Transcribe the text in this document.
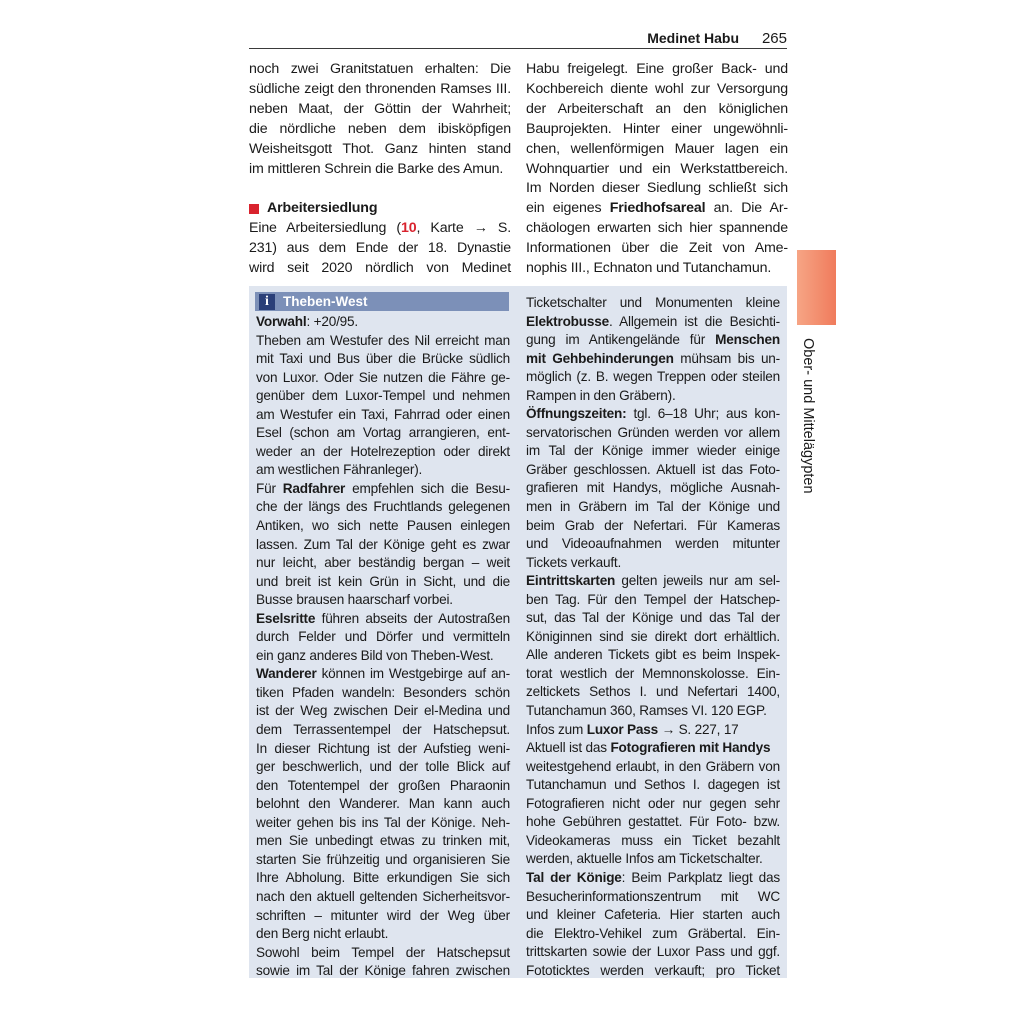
Medinet Habu 265
Ober- und Mittelägypten

noch zwei Granitstatuen erhalten: Die
südliche zeigt den thronenden Ramses III.
neben Maat, der Göttin der Wahrheit;
die nördliche neben dem ibisköpfigen
Weisheitsgott Thot. Ganz hinten stand
im mittleren Schrein die Barke des Amun.

Arbeitersiedlung

Eine Arbeitersiedlung (10, Karte → S.
231) aus dem Ende der 18. Dynastie
wird seit 2020 nördlich von Medinet

Habu freigelegt. Eine großer Back- und
Kochbereich diente wohl zur Versorgung
der Arbeiterschaft an den königlichen
Bauprojekten. Hinter einer ungewöhnli-
chen, wellenförmigen Mauer lagen ein
Wohnquartier und ein Werkstattbereich.
Im Norden dieser Siedlung schließt sich
ein eigenes Friedhofsareal an. Die Ar-
chäologen erwarten sich hier spannende
Informationen über die Zeit von Ame-
nophis III., Echnaton und Tutanchamun.

i	Theben-West
Vorwahl: +20/95.
Theben am Westufer des Nil erreicht man
mit Taxi und Bus über die Brücke südlich
von Luxor. Oder Sie nutzen die Fähre ge-
genüber dem Luxor-Tempel und nehmen
am Westufer ein Taxi, Fahrrad oder einen
Esel (schon am Vortag arrangieren, ent-
weder an der Hotelrezeption oder direkt
am westlichen Fähranleger).
Für Radfahrer empfehlen sich die Besu-
che der längs des Fruchtlands gelegenen
Antiken, wo sich nette Pausen einlegen
lassen. Zum Tal der Könige geht es zwar
nur leicht, aber beständig bergan – weit
und breit ist kein Grün in Sicht, und die
Busse brausen haarscharf vorbei.
Eselsritte führen abseits der Autostraßen
durch Felder und Dörfer und vermitteln
ein ganz anderes Bild von Theben-West.
Wanderer können im Westgebirge auf an-
tiken Pfaden wandeln: Besonders schön
ist der Weg zwischen Deir el-Medina und
dem Terrassentempel der Hatschepsut.
In dieser Richtung ist der Aufstieg weni-
ger beschwerlich, und der tolle Blick auf
den Totentempel der großen Pharaonin
belohnt den Wanderer. Man kann auch
weiter gehen bis ins Tal der Könige. Neh-
men Sie unbedingt etwas zu trinken mit,
starten Sie frühzeitig und organisieren Sie
Ihre Abholung. Bitte erkundigen Sie sich
nach den aktuell geltenden Sicherheitsvor-
schriften – mitunter wird der Weg über
den Berg nicht erlaubt.
Sowohl beim Tempel der Hatschepsut
sowie im Tal der Könige fahren zwischen
Ticketschalter und Monumenten kleine
Elektrobusse. Allgemein ist die Besichti-
gung im Antikengelände für Menschen
mit Gehbehinderungen mühsam bis un-
möglich (z. B. wegen Treppen oder steilen
Rampen in den Gräbern).
Öffnungszeiten: tgl. 6–18 Uhr; aus kon-
servatorischen Gründen werden vor allem
im Tal der Könige immer wieder einige
Gräber geschlossen. Aktuell ist das Foto-
grafieren mit Handys, mögliche Ausnah-
men in Gräbern im Tal der Könige und
beim Grab der Nefertari. Für Kameras
und Videoaufnahmen werden mitunter
Tickets verkauft.
Eintrittskarten gelten jeweils nur am sel-
ben Tag. Für den Tempel der Hatschep-
sut, das Tal der Könige und das Tal der
Königinnen sind sie direkt dort erhältlich.
Alle anderen Tickets gibt es beim Inspek-
torat westlich der Memnonskolosse. Ein-
zeltickets Sethos I. und Nefertari 1400,
Tutanchamun 360, Ramses VI. 120 EGP.
Infos zum Luxor Pass → S. 227, 17
Aktuell ist das Fotografieren mit Handys
weitestgehend erlaubt, in den Gräbern von
Tutanchamun und Sethos I. dagegen ist
Fotografieren nicht oder nur gegen sehr
hohe Gebühren gestattet. Für Foto- bzw.
Videokameras muss ein Ticket bezahlt
werden, aktuelle Infos am Ticketschalter.
Tal der Könige: Beim Parkplatz liegt das
Besucherinformationszentrum mit WC
und kleiner Cafeteria. Hier starten auch
die Elektro-Vehikel zum Gräbertal. Ein-
trittskarten sowie der Luxor Pass und ggf.
Fototicktes werden verkauft; pro Ticket
